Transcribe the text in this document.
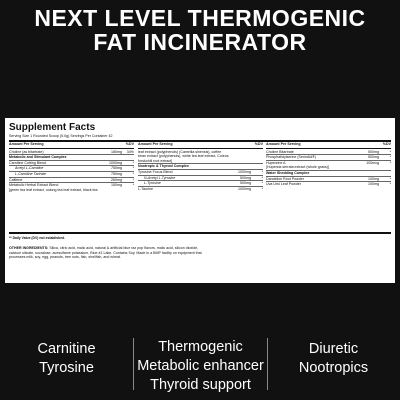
NEXT LEVEL THERMOGENIC
FAT INCINERATOR
Supplement Facts
Serving Size 1 Rounded Scoop (5.0g) Servings Per Container 42
Amount Per Serving	%DV
Choline (as bitartrate)	180mg	34%
Metabolic and Stimulant Complex
Carnitine Cutting Blend	1000mg	*
Acetyl L-Carnitine	750mg	*
L-Carnitine Tartrate	750mg	*
Caffeine	260mg	*
Metabolic Herbal Extract Blend	150mg	*
[green tea leaf extract, oolong tea leaf extract, black tea
Amount Per Serving	%DV
leaf extract (polyphenols) (Camellia sinensis), coffee
bean extract (polyphenols), white tea leaf extract, Coleus
forskohlii root extract]
Nootropic & Thyroid Complex
Tyrosine Focus Blend	1000mg	*
N-Acetyl L-Tyrosine	500mg	*
L-Tyrosine	500mg	*
L-Taurine	1000mg	*
Amount Per Serving	%DV
Choline Bitartrate	500mg	*
Phosphatidylserine (SerinAid®)	500mg	*
Huperzine A	100mcg	*
[Huperzia serrata extract (whole grass)]
Water Shedding Complex
Dandelion Root Powder	100mg	*
Uva Ursi Leaf Powder	100mg	*
** Daily Value (DV) not established.
OTHER INGREDIENTS: Silica, citric acid, malic acid, natural & artificial blue raz pop flavors, malic acid, silicon dioxide, calcium silicate, sucralose, acesulfame potassium, Blue #1 Lake. Contains Soy. Made in a BMP facility on equipment that processes milk, soy, egg, peanuts, tree nuts, fish, shellfish, and wheat.
Carnitine
Tyrosine
Thermogenic
Metabolic enhancer
Thyroid support
Diuretic
Nootropics
